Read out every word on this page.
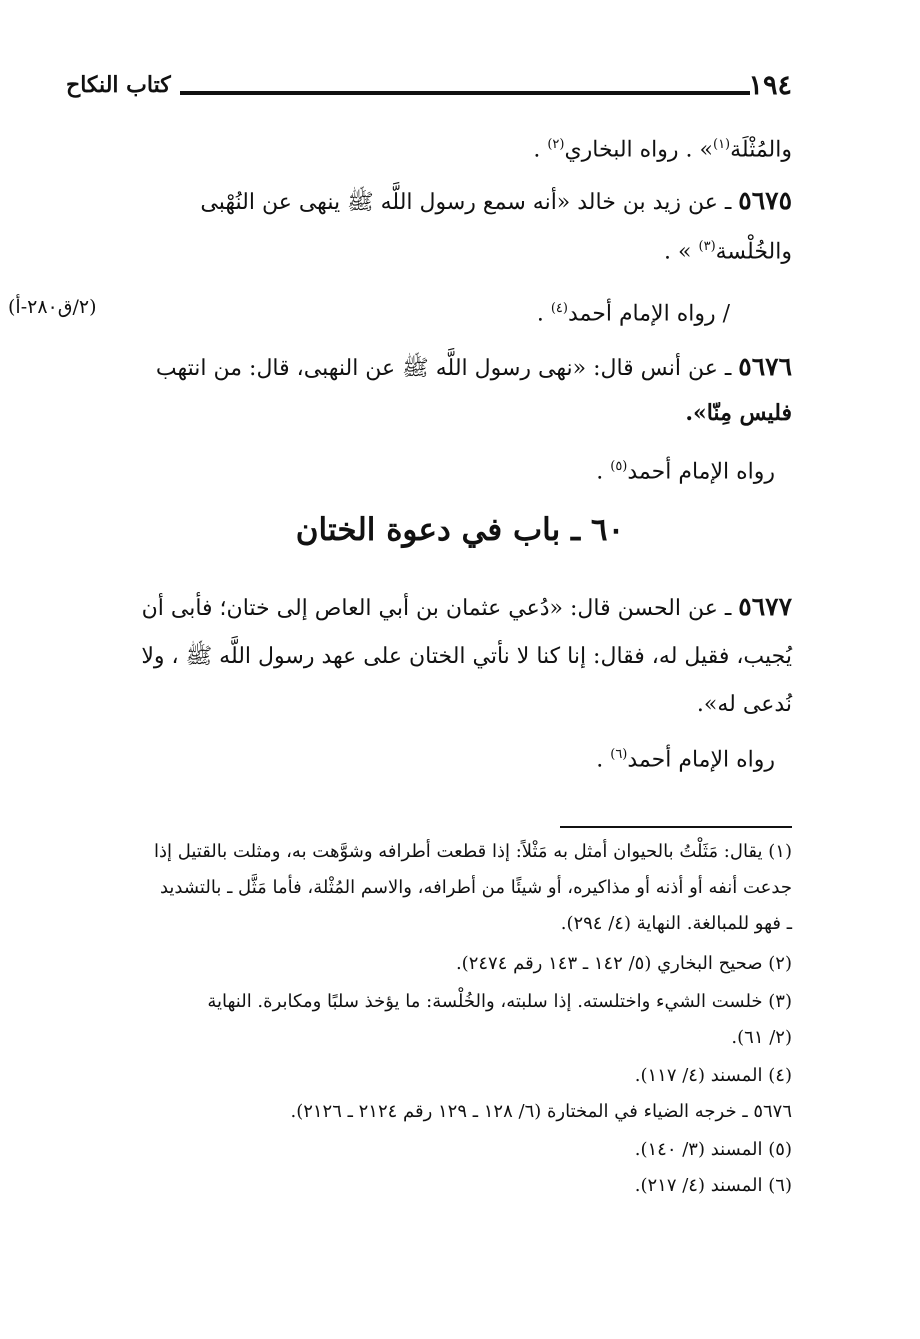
١٩٤
كتاب النكاح
والمُثْلَة$^{(١)}$» . رواه البخاري$^{(٢)}$ .
٥٦٧٥ ـ عن زيد بن خالد «أنه سمع رسول اللَّه ﷺ ينهى عن النُهْبى
والخُلْسة$^{(٣)}$ » .
(٢/ق٢٨٠-أ)	/ رواه الإمام أحمد$^{(٤)}$ .
٥٦٧٦ ـ عن أنس قال: «نهى رسول اللَّه ﷺ عن النهبى، قال: من انتهب
فليس مِنّا».
رواه الإمام أحمد$^{(٥)}$ .
٦٠ ـ باب في دعوة الختان
٥٦٧٧ ـ عن الحسن قال: «دُعي عثمان بن أبي العاص إلى ختان؛ فأبى أن
يُجيب، فقيل له، فقال: إنا كنا لا نأتي الختان على عهد رسول اللَّه ﷺ ، ولا
نُدعى له».
رواه الإمام أحمد$^{(٦)}$ .
(١) يقال: مَثَلْتُ بالحيوان أمثل به مَثْلاً: إذا قطعت أطرافه وشوَّهت به، ومثلت بالقتيل إذا
جدعت أنفه أو أذنه أو مذاكيره، أو شيئًا من أطرافه، والاسم المُثْلة، فأما مَثَّل ـ بالتشديد
ـ فهو للمبالغة. النهاية (٤/ ٢٩٤).
(٢) صحيح البخاري (٥/ ١٤٢ ـ ١٤٣ رقم ٢٤٧٤).
(٣) خلست الشيء واختلسته. إذا سلبته، والخُلْسة: ما يؤخذ سلبًا ومكابرة. النهاية
(٢/ ٦١).
(٤) المسند (٤/ ١١٧).
٥٦٧٦ ـ خرجه الضياء في المختارة (٦/ ١٢٨ ـ ١٢٩ رقم ٢١٢٤ ـ ٢١٢٦).
(٥) المسند (٣/ ١٤٠).
(٦) المسند (٤/ ٢١٧).
